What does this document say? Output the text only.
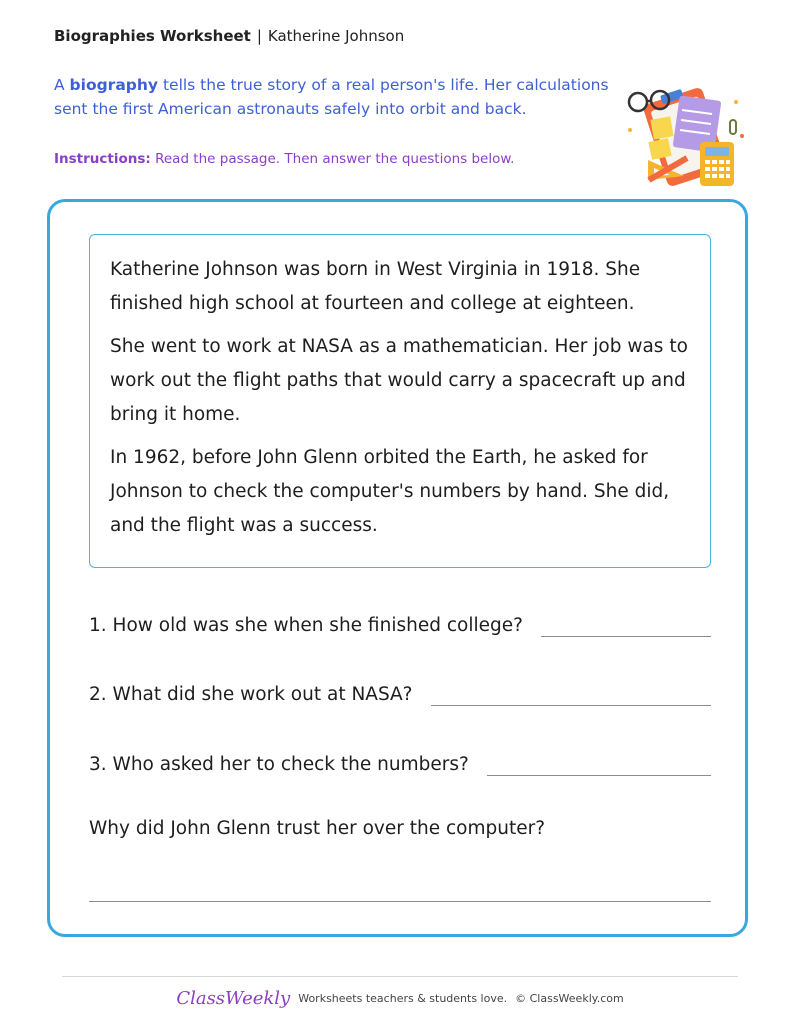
Biographies Worksheet | Katherine Johnson
A biography tells the true story of a real person's life. Her calculations sent the first American astronauts safely into orbit and back.
Instructions: Read the passage. Then answer the questions below.

Katherine Johnson was born in West Virginia in 1918. She finished high school at fourteen and college at eighteen.

She went to work at NASA as a mathematician. Her job was to work out the flight paths that would carry a spacecraft up and bring it home.

In 1962, before John Glenn orbited the Earth, he asked for Johnson to check the computer's numbers by hand. She did, and the flight was a success.

1. How old was she when she finished college?
2. What did she work out at NASA?
3. Who asked her to check the numbers?
Why did John Glenn trust her over the computer?
ClassWeekly Worksheets teachers & students love. © ClassWeekly.com
